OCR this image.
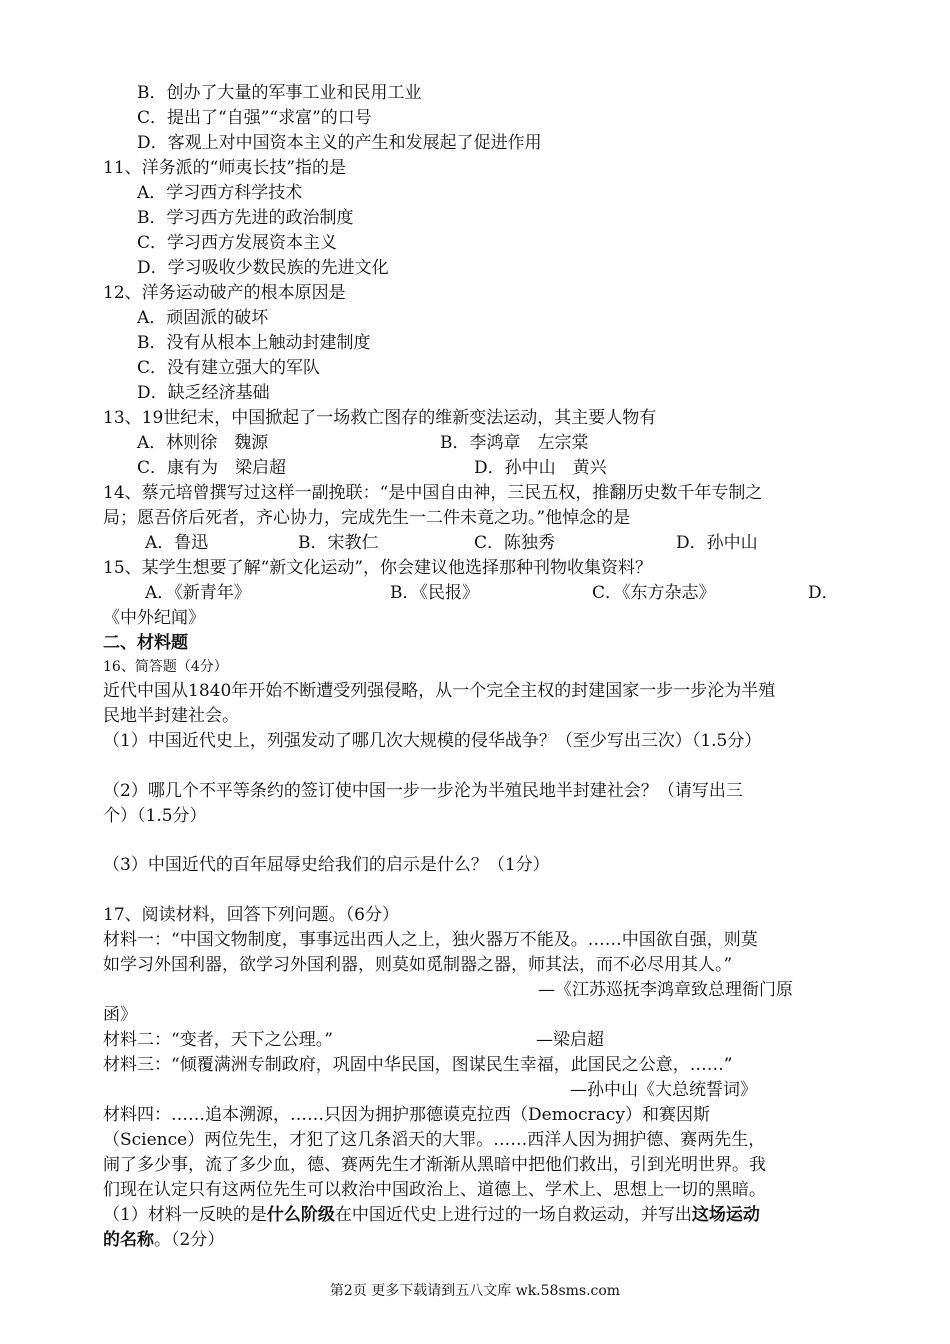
B．创办了大量的军事工业和民用工业
C．提出了“自强”“求富”的口号
D．客观上对中国资本主义的产生和发展起了促进作用
11、洋务派的“师夷长技”指的是
A．学习西方科学技术
B．学习西方先进的政治制度
C．学习西方发展资本主义
D．学习吸收少数民族的先进文化
12、洋务运动破产的根本原因是
A．顽固派的破坏
B．没有从根本上触动封建制度
C．没有建立强大的军队
D．缺乏经济基础
13、19世纪末，中国掀起了一场救亡图存的维新变法运动，其主要人物有
A．林则徐　魏源	B．李鸿章　左宗棠
C．康有为　梁启超	D．孙中山　黄兴
14、蔡元培曾撰写过这样一副挽联：“是中国自由神，三民五权，推翻历史数千年专制之
局；愿吾侪后死者，齐心协力，完成先生一二件未竟之功。”他悼念的是
A．鲁迅	B．宋教仁	C．陈独秀	D．孙中山
15、某学生想要了解“新文化运动”，你会建议他选择那种刊物收集资料？
A．《新青年》	B．《民报》	C．《东方杂志》	D．
《中外纪闻》
二、材料题
16、简答题（4分）
近代中国从1840年开始不断遭受列强侵略，从一个完全主权的封建国家一步一步沦为半殖
民地半封建社会。
（1）中国近代史上，列强发动了哪几次大规模的侵华战争？（至少写出三次）（1.5分）
（2）哪几个不平等条约的签订使中国一步一步沦为半殖民地半封建社会？（请写出三
个）（1.5分）
（3）中国近代的百年屈辱史给我们的启示是什么？（1分）
17、阅读材料，回答下列问题。（6分）
材料一：“中国文物制度，事事远出西人之上，独火器万不能及。……中国欲自强，则莫
如学习外国利器，欲学习外国利器，则莫如觅制器之器，师其法，而不必尽用其人。”
—《江苏巡抚李鸿章致总理衙门原
函》
材料二：“变者，天下之公理。”	—梁启超
材料三：“倾覆满洲专制政府，巩固中华民国，图谋民生幸福，此国民之公意，……”
—孙中山《大总统誓词》
材料四：……追本溯源，……只因为拥护那德谟克拉西（Democracy）和赛因斯
（Science）两位先生，才犯了这几条滔天的大罪。……西洋人因为拥护德、赛两先生，
闹了多少事，流了多少血，德、赛两先生才渐渐从黑暗中把他们救出，引到光明世界。我
们现在认定只有这两位先生可以救治中国政治上、道德上、学术上、思想上一切的黑暗。
（1）材料一反映的是什么阶级在中国近代史上进行过的一场自救运动，并写出这场运动
的名称。（2分）
第2页 更多下载请到五八文库 wk.58sms.com
